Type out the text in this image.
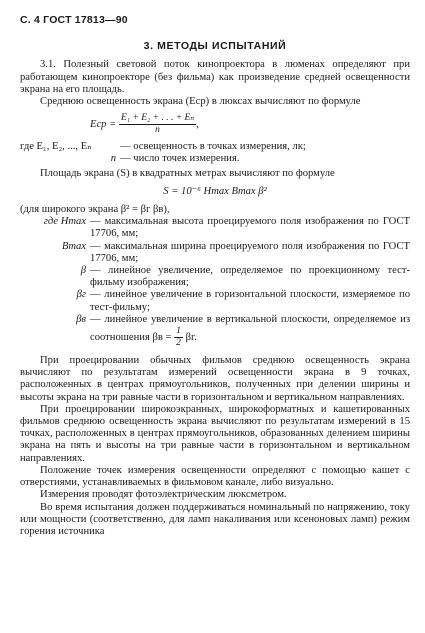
С. 4 ГОСТ 17813—90
3. МЕТОДЫ ИСПЫТАНИЙ

3.1. Полезный световой поток кинопроектора в люменах определяют при работающем кинопроекторе (без фильма) как произведение средней освещенности экрана на его площадь.

Среднюю освещенность экрана (Eср) в люксах вычисляют по формуле

Eср = $\frac{\text{E₁ + E₂ + . . . + Eₙ}}{n}$ ,
где E₁, E₂, ..., Eₙ	— освещенность в точках измерения, лк;
n — число точек измерения.

Площадь экрана (S) в квадратных метрах вычисляют по формуле

S = 10⁻⁶ Hmax Bmax β²

(для широкого экрана β² = βг βв),

где Hmax — максимальная высота проецируемого поля изображения по ГОСТ 17706, мм;
Bmax — максимальная ширина проецируемого поля изображения по ГОСТ 17706, мм;
β — линейное увеличение, определяемое по проекционному тест-фильму изображения;
βг — линейное увеличение в горизонтальной плоскости, измеряемое по тест-фильму;
βв — линейное увеличение в вертикальной плоскости, определяемое из соотношения $\beta в = \frac{1}{2} \beta г$.

При проецировании обычных фильмов среднюю освещенность экрана вычисляют по результатам измерений освещенности экрана в 9 точках, расположенных в центрах прямоугольников, полученных при делении ширины и высоты экрана на три равные части в горизонтальном и вертикальном направлениях.

При проецировании широкоэкранных, широкоформатных и кашетированных фильмов среднюю освещенность экрана вычисляют по результатам измерений в 15 точках, расположенных в центрах прямоугольников, образованных делением ширины экрана на пять и высоты на три равные части в горизонтальном и вертикальном направлениях.

Положение точек измерения освещенности определяют с помощью кашет с отверстиями, устанавливаемых в фильмовом канале, либо визуально.

Измерения проводят фотоэлектрическим люксметром.

Во время испытания должен поддерживаться номинальный по напряжению, току или мощности (соответственно, для ламп накаливания или ксеноновых ламп) режим горения источника
